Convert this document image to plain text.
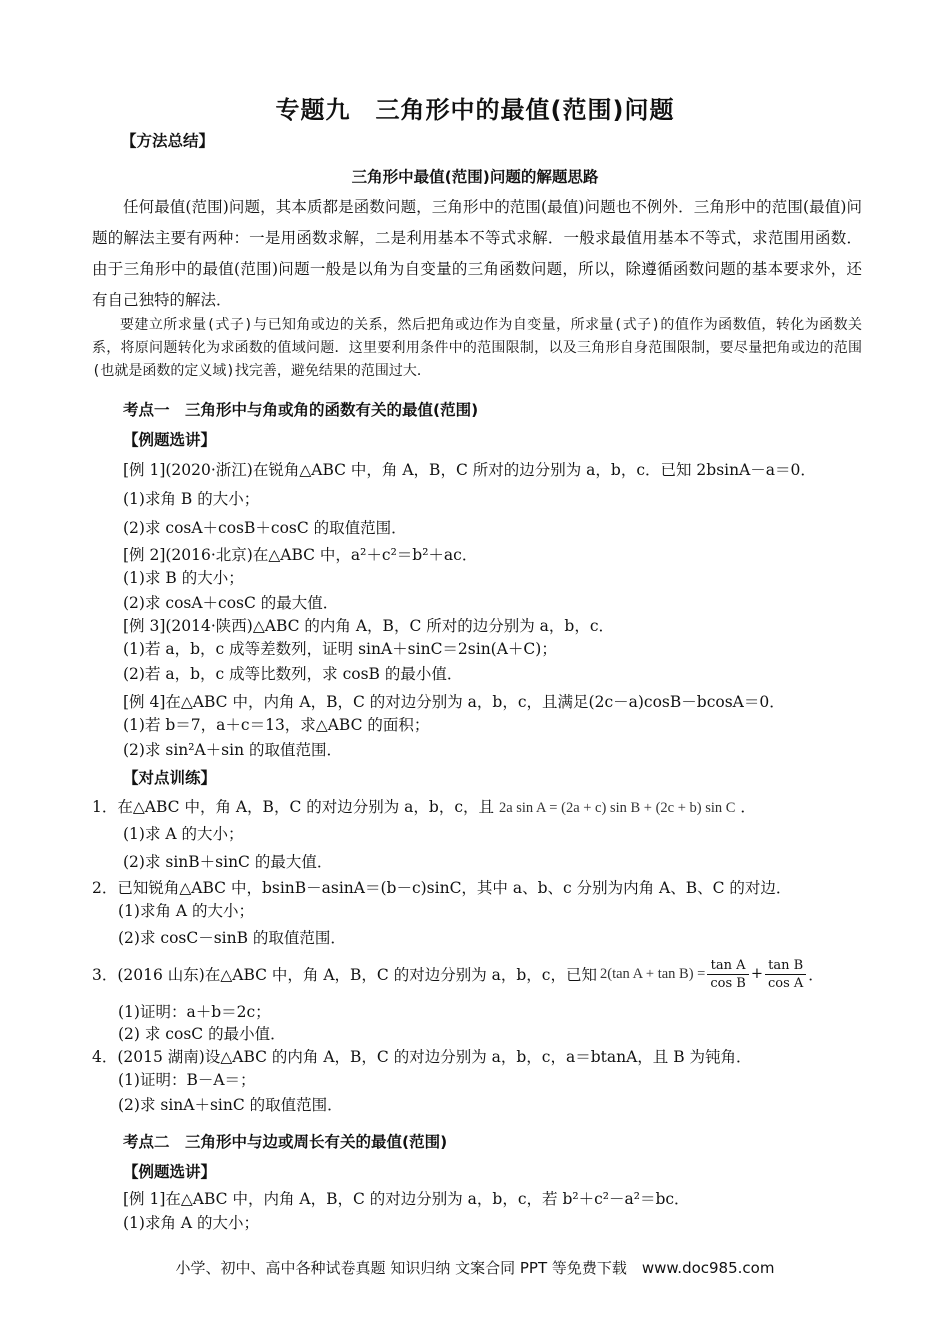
专题九　三角形中的最值(范围)问题
【方法总结】
三角形中最值(范围)问题的解题思路
任何最值(范围)问题，其本质都是函数问题，三角形中的范围(最值)问题也不例外．三角形中的范围(最值)问题的解法主要有两种：一是用函数求解，二是利用基本不等式求解．一般求最值用基本不等式，求范围用函数．由于三角形中的最值(范围)问题一般是以角为自变量的三角函数问题，所以，除遵循函数问题的基本要求外，还有自己独特的解法．
要建立所求量(式子)与已知角或边的关系，然后把角或边作为自变量，所求量(式子)的值作为函数值，转化为函数关系，将原问题转化为求函数的值域问题．这里要利用条件中的范围限制，以及三角形自身范围限制，要尽量把角或边的范围(也就是函数的定义域)找完善，避免结果的范围过大．
考点一　三角形中与角或角的函数有关的最值(范围)
【例题选讲】
[例 1](2020·浙江)在锐角△ABC 中，角 A，B，C 所对的边分别为 a，b，c．已知 2bsinA－a＝0．
(1)求角 B 的大小；
(2)求 cosA＋cosB＋cosC 的取值范围．
[例 2](2016·北京)在△ABC 中，a²＋c²＝b²＋ac．
(1)求 B 的大小；
(2)求 cosA＋cosC 的最大值．
[例 3](2014·陕西)△ABC 的内角 A，B，C 所对的边分别为 a，b，c．
(1)若 a，b，c 成等差数列，证明 sinA＋sinC＝2sin(A＋C)；
(2)若 a，b，c 成等比数列，求 cosB 的最小值．
[例 4]在△ABC 中，内角 A，B，C 的对边分别为 a，b，c，且满足(2c－a)cosB－bcosA＝0．
(1)若 b＝7，a＋c＝13，求△ABC 的面积；
(2)求 sin²A＋sin 的取值范围．
【对点训练】
1．在△ABC 中，角 A，B，C 的对边分别为 a，b，c，且 2a sin A = (2a + c) sin B + (2c + b) sin C ．
(1)求 A 的大小；
(2)求 sinB＋sinC 的最大值．
2．已知锐角△ABC 中，bsinB－asinA＝(b－c)sinC，其中 a、b、c 分别为内角 A、B、C 的对边．
(1)求角 A 的大小；
(2)求 cosC－sinB 的取值范围．
3．(2016 山东)在△ABC 中，角 A，B，C 的对边分别为 a，b，c，已知 2(tan $A + \tan B) = \frac{\text{tan A}}{\text{cos B}} + \frac{\text{tan B}}{\text{cos A}}$ ．
(1)证明：a＋b＝2c；
(2) 求 cosC 的最小值．
4．(2015 湖南)设△ABC 的内角 A，B，C 的对边分别为 a，b，c，a＝btanA，且 B 为钝角．
(1)证明：B－A＝；
(2)求 sinA＋sinC 的取值范围．
考点二　三角形中与边或周长有关的最值(范围)
【例题选讲】
[例 1]在△ABC 中，内角 A，B，C 的对边分别为 a，b，c，若 b²＋c²－a²＝bc．
(1)求角 A 的大小；
小学、初中、高中各种试卷真题 知识归纳 文案合同 PPT 等免费下载　www.doc985.com
